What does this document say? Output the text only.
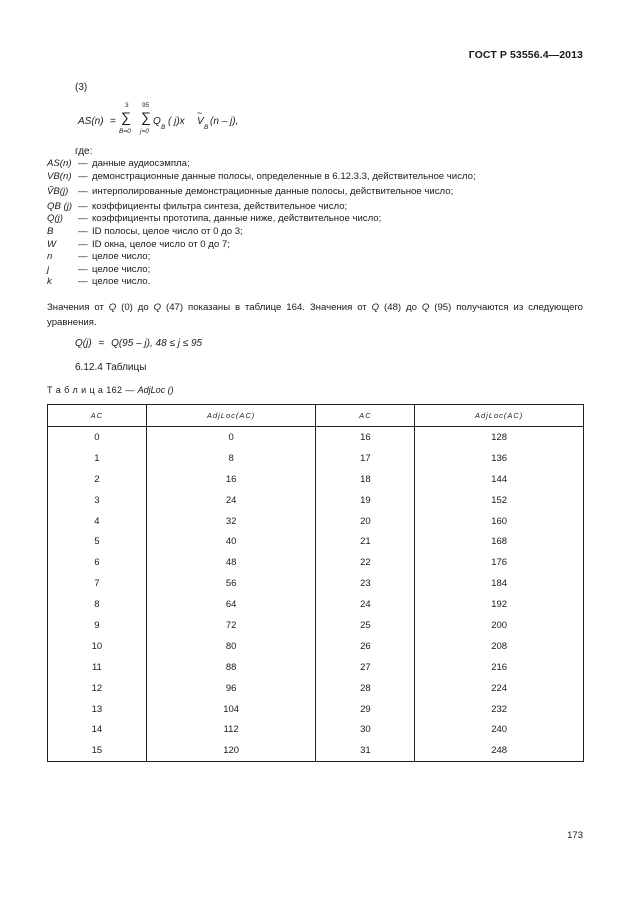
ГОСТ Р 53556.4—2013
(3)
AS(n) =
3
∑
B=0
95
∑
j=0
Q
B
( j)x
~
V
B
(n – j),
где:
AS(n) — данные аудиосэмпла;
VB(n) — демонстрационные данные полосы, определенные в 6.12.3.3, действительное число;
ṼB(j)	— интерполированные демонстрационные данные полосы, действительное число;
QB (j) — коэффициенты фильтра синтеза, действительное число;
Q(j)	— коэффициенты прототипа, данные ниже, действительное число;
B	— ID полосы, целое число от 0 до 3;
W	— ID окна, целое число от 0 до 7;
n	— целое число;
j	— целое число;
k	— целое число.
Значения от Q (0) до Q (47) показаны в таблице 164. Значения от Q (48) до Q (95) получаются из следующего уравнения.
Q(j) = Q(95 – j), 48 ≤ j ≤ 95
6.12.4 Таблицы
Т а б л и ц а 162 — AdjLoc ()
AC	AdjLoc(AC)	AC	AdjLoc(AC)
0	0	16	128
1	8	17	136
2	16	18	144
3	24	19	152
4	32	20	160
5	40	21	168
6	48	22	176
7	56	23	184
8	64	24	192
9	72	25	200
10	80	26	208
11	88	27	216
12	96	28	224
13	104	29	232
14	112	30	240
15	120	31	248
173
